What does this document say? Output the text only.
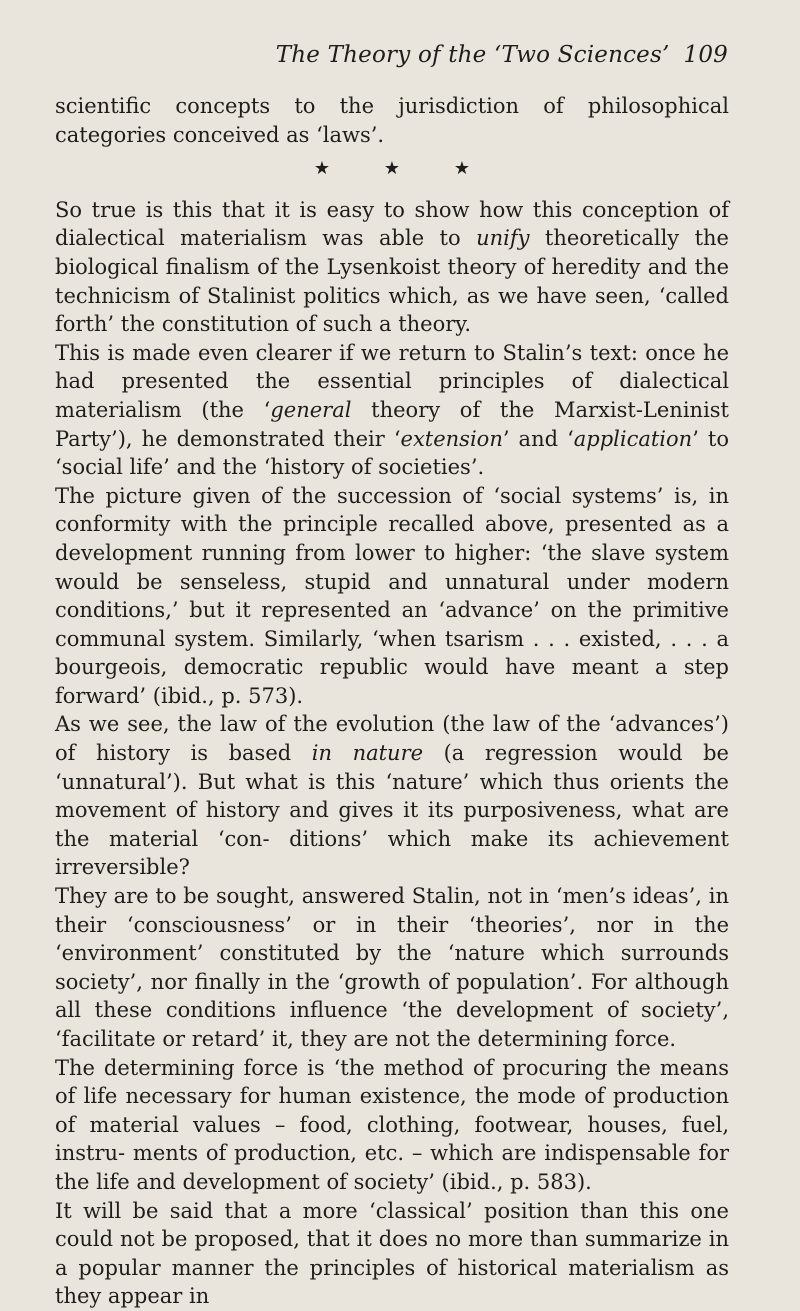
The Theory of the ‘Two Sciences’ 109

scientific concepts to the jurisdiction of philosophical categories conceived as ‘laws’.

★	★	★

So true is this that it is easy to show how this conception of dialectical materialism was able to unify theoretically the biological finalism of the Lysenkoist theory of heredity and the technicism of Stalinist politics which, as we have seen, ‘called forth’ the constitution of such a theory.

This is made even clearer if we return to Stalin’s text: once he had presented the essential principles of dialectical materialism (the ‘general theory of the Marxist-Leninist Party’), he demonstrated their ‘extension’ and ‘application’ to ‘social life’ and the ‘history of societies’.

The picture given of the succession of ‘social systems’ is, in conformity with the principle recalled above, presented as a development running from lower to higher: ‘the slave system would be senseless, stupid and unnatural under modern conditions,’ but it represented an ‘advance’ on the primitive communal system. Similarly, ‘when tsarism . . . existed, . . . a bourgeois, democratic republic would have meant a step forward’ (ibid., p. 573).

As we see, the law of the evolution (the law of the ‘advances’) of history is based in nature (a regression would be ‘unnatural’). But what is this ‘nature’ which thus orients the movement of history and gives it its purposiveness, what are the material ‘con- ditions’ which make its achievement irreversible?

They are to be sought, answered Stalin, not in ‘men’s ideas’, in their ‘consciousness’ or in their ‘theories’, nor in the ‘environment’ constituted by the ‘nature which surrounds society’, nor finally in the ‘growth of population’. For although all these conditions influence ‘the development of society’, ‘facilitate or retard’ it, they are not the determining force.

The determining force is ‘the method of procuring the means of life necessary for human existence, the mode of production of material values – food, clothing, footwear, houses, fuel, instru- ments of production, etc. – which are indispensable for the life and development of society’ (ibid., p. 583).

It will be said that a more ‘classical’ position than this one could not be proposed, that it does no more than summarize in a popular manner the principles of historical materialism as they appear in
